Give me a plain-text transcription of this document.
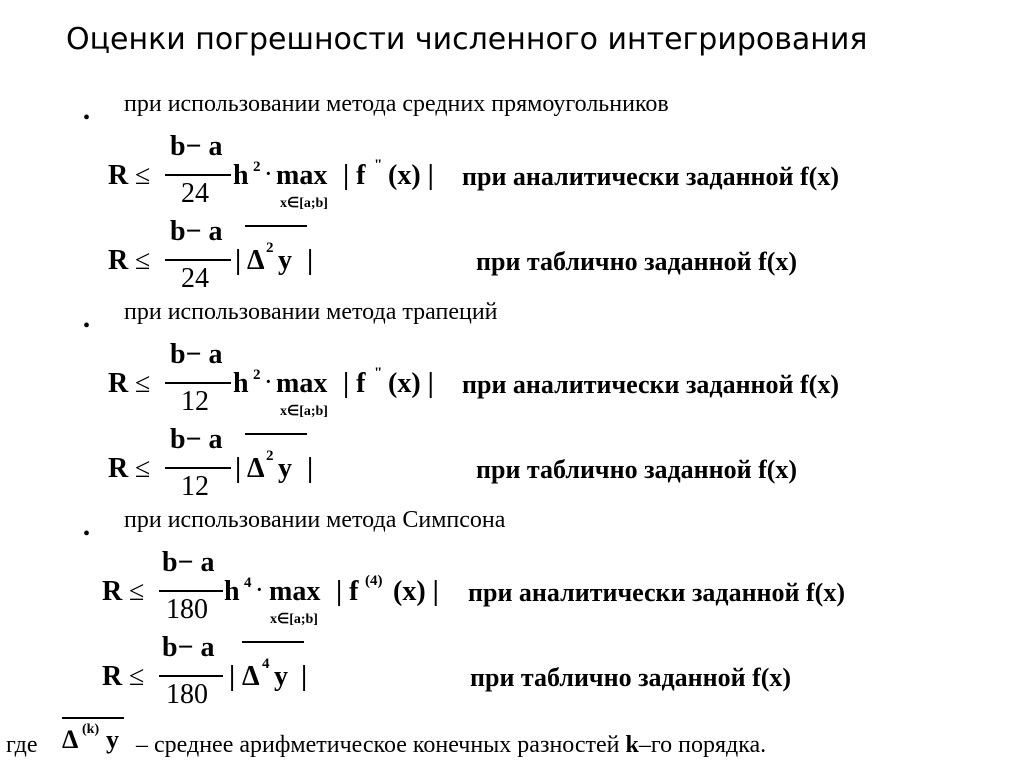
Оценки погрешности численного интегрирования
•
при использовании метода средних прямоугольников
R ≤
b− a
24
h 2 · max
x∈[a;b]
| f " (x) | при аналитически заданной f(x)
R ≤
b− a
24
| Δ 2 y |	при таблично заданной f(x)
•
при использовании метода трапеций
R ≤
b− a
12
h 2 · max
x∈[a;b]
| f " (x) | при аналитически заданной f(x)
R ≤
b− a
12
| Δ 2 y |	при таблично заданной f(x)
•
при использовании метода Симпсона
R ≤
b− a
180
h 4 · max
x∈[a;b]
| f (4) (x) | при аналитически заданной f(x)
R ≤
b− a
180
| Δ 4 y |	при таблично заданной f(x)
где Δ (k) y – среднее арифметическое конечных разностей k–го порядка.
